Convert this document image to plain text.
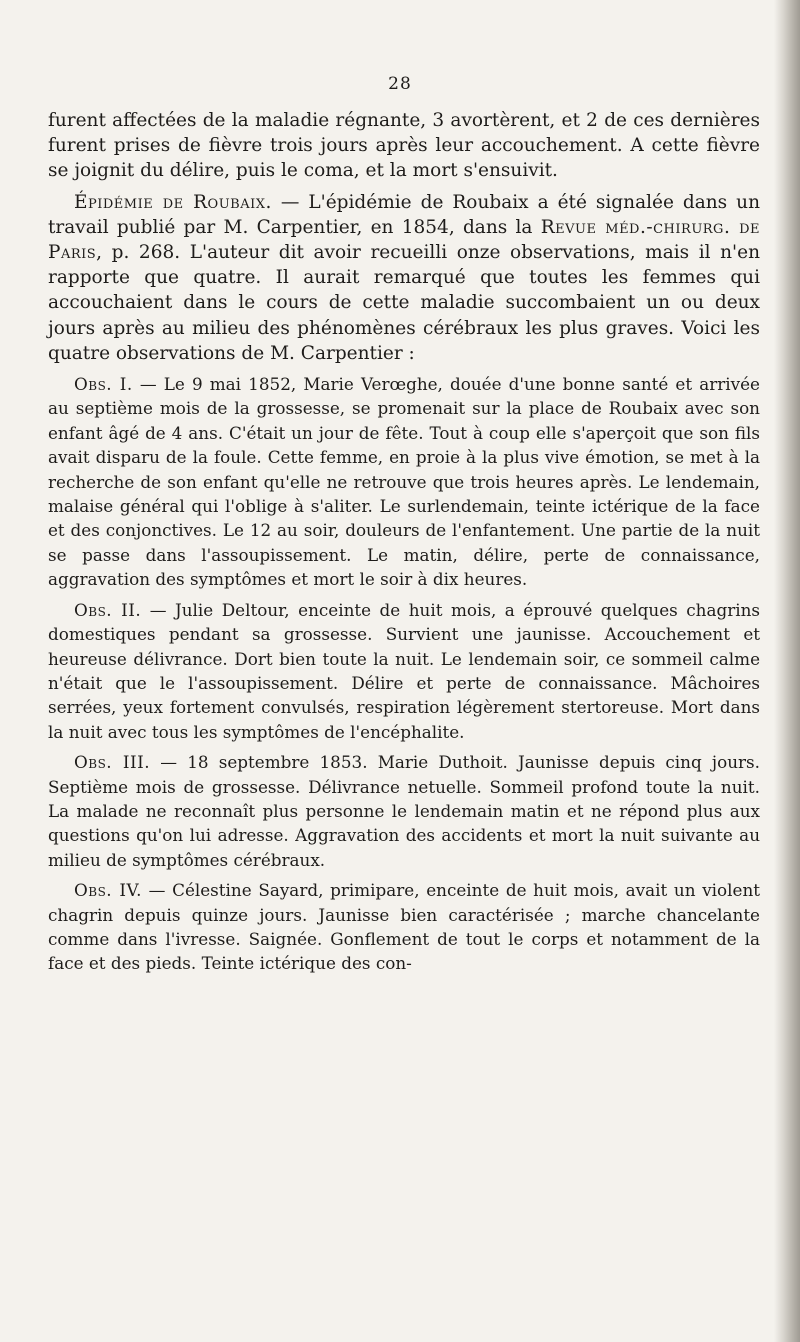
28

furent affectées de la maladie régnante, 3 avortèrent, et 2 de ces dernières furent prises de fièvre trois jours après leur accouchement. A cette fièvre se joignit du délire, puis le coma, et la mort s'ensuivit.

Épidémie de Roubaix. — L'épidémie de Roubaix a été signalée dans un travail publié par M. Carpentier, en 1854, dans la Revue méd.-chirurg. de Paris, p. 268. L'auteur dit avoir recueilli onze observations, mais il n'en rapporte que quatre. Il aurait remarqué que toutes les femmes qui accouchaient dans le cours de cette maladie succombaient un ou deux jours après au milieu des phénomènes cérébraux les plus graves. Voici les quatre observations de M. Carpentier :

Obs. I. — Le 9 mai 1852, Marie Verœghe, douée d'une bonne santé et arrivée au septième mois de la grossesse, se promenait sur la place de Roubaix avec son enfant âgé de 4 ans. C'était un jour de fête. Tout à coup elle s'aperçoit que son fils avait disparu de la foule. Cette femme, en proie à la plus vive émotion, se met à la recherche de son enfant qu'elle ne retrouve que trois heures après. Le lendemain, malaise général qui l'oblige à s'aliter. Le surlendemain, teinte ictérique de la face et des conjonctives. Le 12 au soir, douleurs de l'enfantement. Une partie de la nuit se passe dans l'assoupissement. Le matin, délire, perte de connaissance, aggravation des symptômes et mort le soir à dix heures.

Obs. II. — Julie Deltour, enceinte de huit mois, a éprouvé quelques chagrins domestiques pendant sa grossesse. Survient une jaunisse. Accouchement et heureuse délivrance. Dort bien toute la nuit. Le lendemain soir, ce sommeil calme n'était que le l'assoupissement. Délire et perte de connaissance. Mâchoires serrées, yeux fortement convulsés, respiration légèrement stertoreuse. Mort dans la nuit avec tous les symptômes de l'encéphalite.

Obs. III. — 18 septembre 1853. Marie Duthoit. Jaunisse depuis cinq jours. Septième mois de grossesse. Délivrance netuelle. Sommeil profond toute la nuit. La malade ne reconnaît plus personne le lendemain matin et ne répond plus aux questions qu'on lui adresse. Aggravation des accidents et mort la nuit suivante au milieu de symptômes cérébraux.

Obs. IV. — Célestine Sayard, primipare, enceinte de huit mois, avait un violent chagrin depuis quinze jours. Jaunisse bien caractérisée ; marche chancelante comme dans l'ivresse. Saignée. Gonflement de tout le corps et notamment de la face et des pieds. Teinte ictérique des con-
